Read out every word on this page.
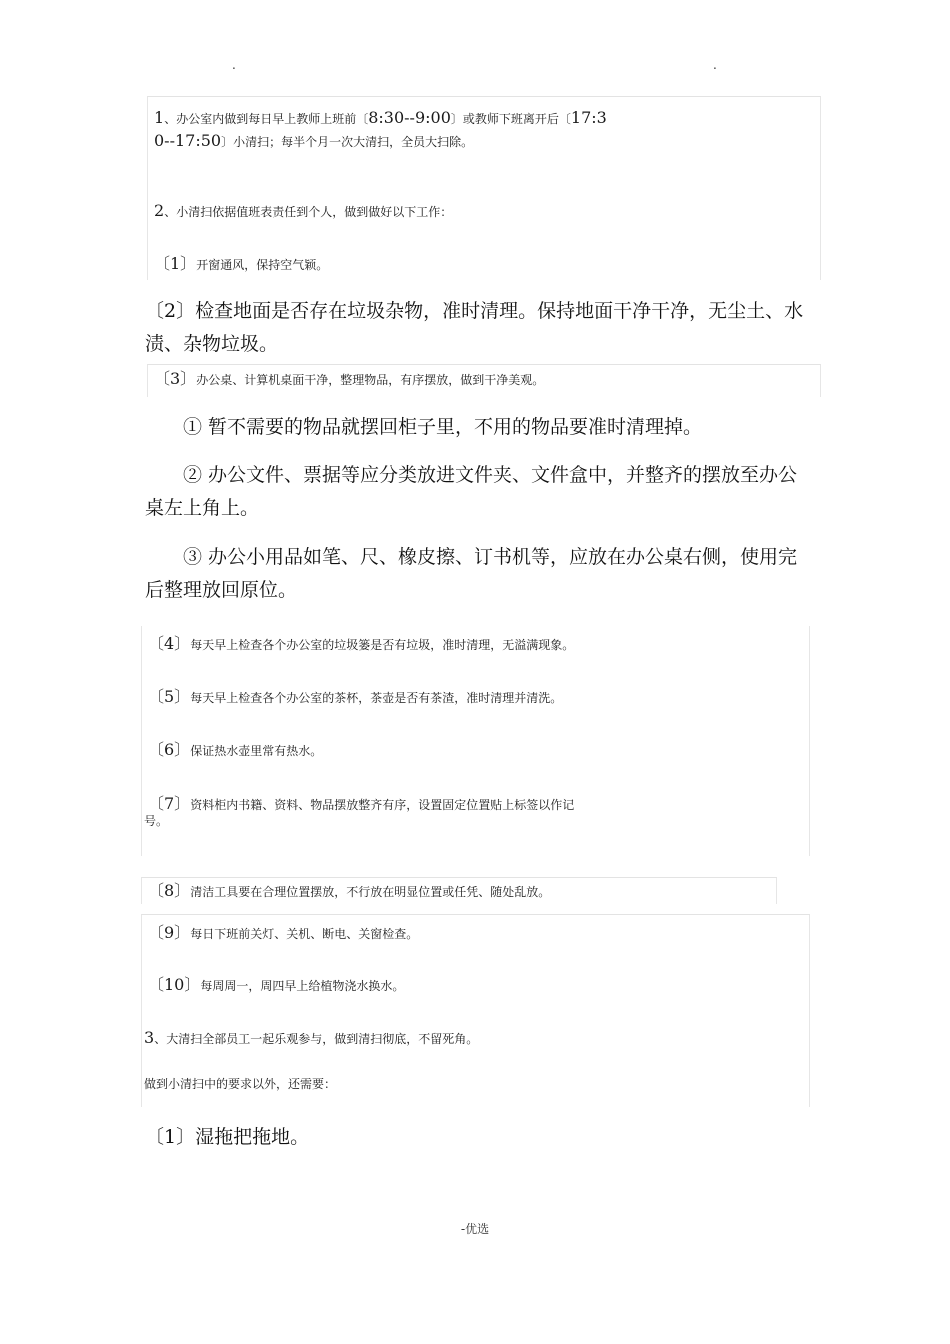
.	.
1、办公室内做到每日早上教师上班前〔8:30--9:00〕或教师下班离开后〔17:3
0--17:50〕小清扫；每半个月一次大清扫，全员大扫除。
2、小清扫依据值班表责任到个人，做到做好以下工作：
〔1〕开窗通风，保持空气颖。
〔2〕检查地面是否存在垃圾杂物，准时清理。保持地面干净干净，无尘土、水渍、杂物垃圾。
〔3〕办公桌、计算机桌面干净，整理物品，有序摆放，做到干净美观。
① 暂不需要的物品就摆回柜子里，不用的物品要准时清理掉。
② 办公文件、票据等应分类放进文件夹、文件盒中，并整齐的摆放至办公桌左上角上。
③ 办公小用品如笔、尺、橡皮擦、订书机等，应放在办公桌右侧，使用完后整理放回原位。
〔4〕每天早上检查各个办公室的垃圾篓是否有垃圾，准时清理，无溢满现象。
〔5〕每天早上检查各个办公室的茶杯，茶壶是否有茶渣，准时清理并清洗。
〔6〕保证热水壶里常有热水。
〔7〕资料柜内书籍、资料、物品摆放整齐有序，设置固定位置贴上标签以作记
号。
〔8〕清洁工具要在合理位置摆放，不行放在明显位置或任凭、随处乱放。
〔9〕每日下班前关灯、关机、断电、关窗检查。
〔10〕每周周一，周四早上给植物浇水换水。
3、大清扫全部员工一起乐观参与，做到清扫彻底，不留死角。
做到小清扫中的要求以外，还需要：
〔1〕湿拖把拖地。
-优选
